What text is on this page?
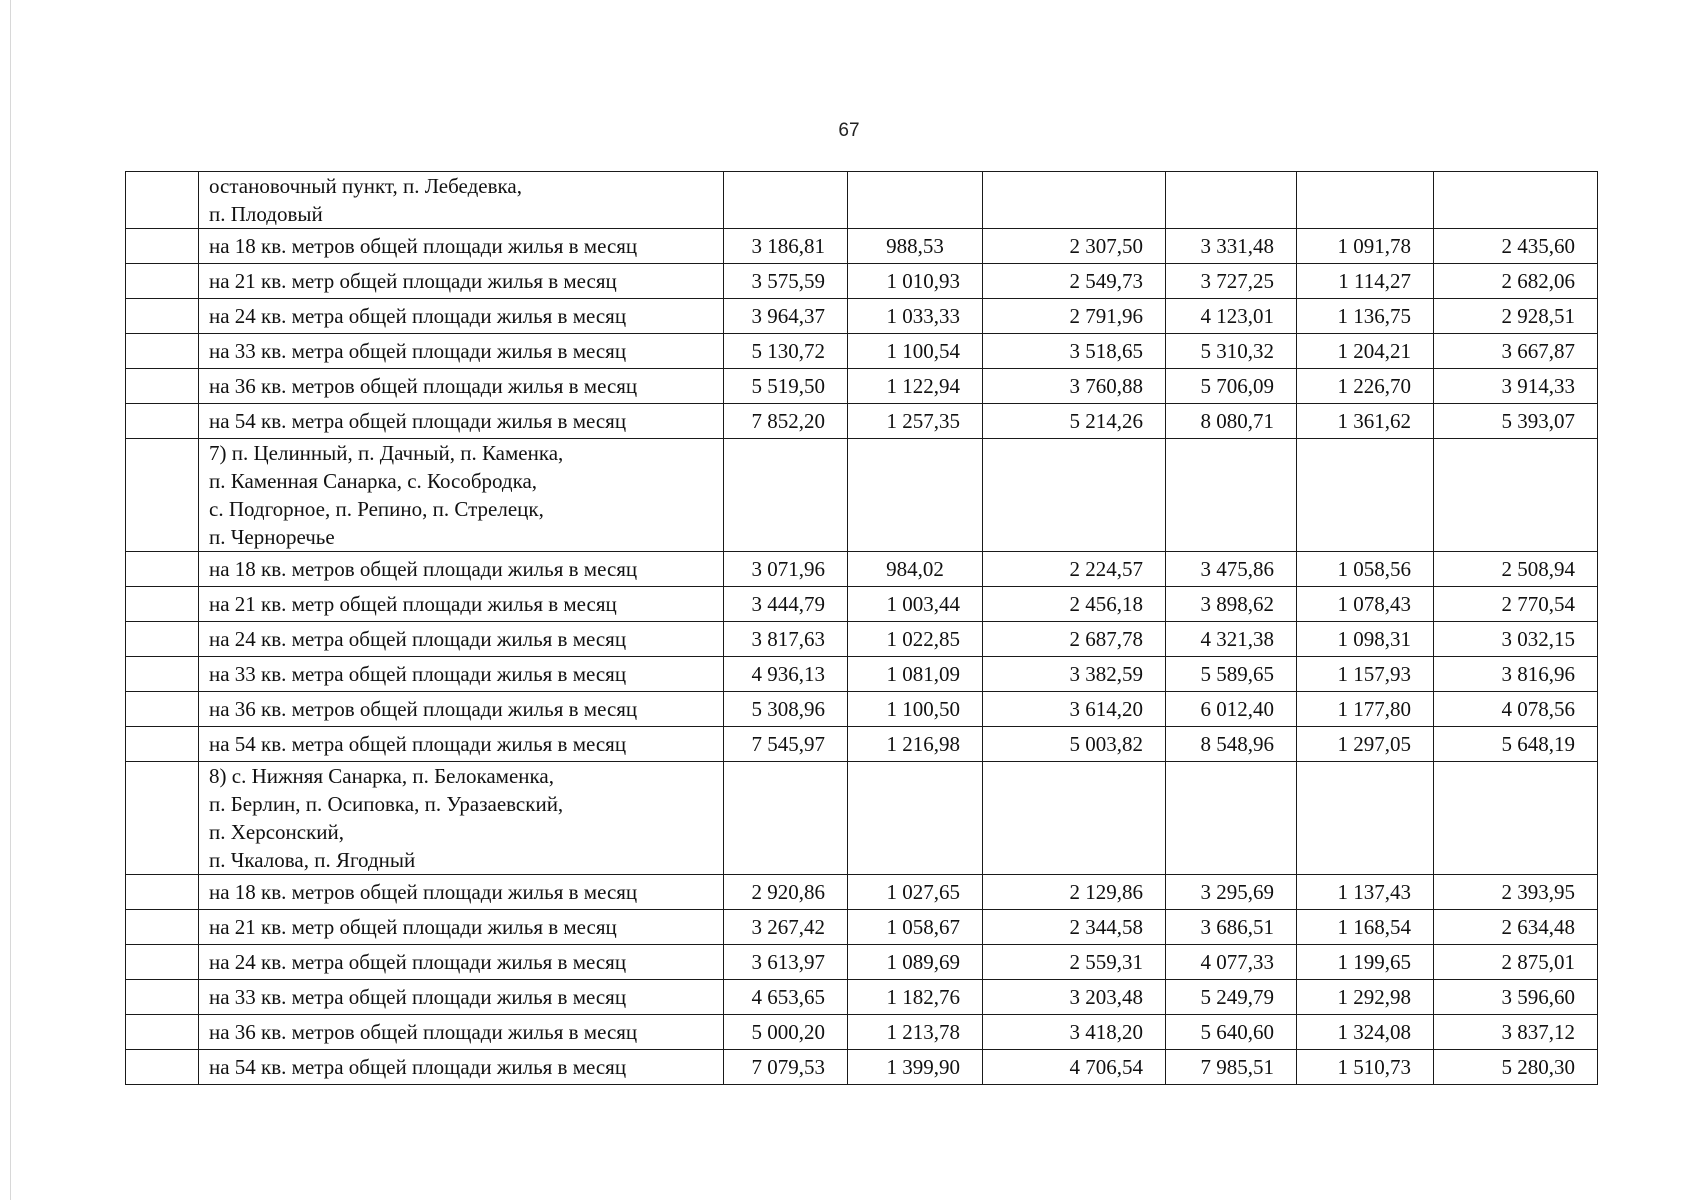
67

	остановочный пункт, п. Лебедевка,
п. Плодовый						

	на 18 кв. метров общей площади жилья в месяц	3 186,81	988,53	2 307,50	3 331,48	1 091,78	2 435,60
	на 21 кв. метр общей площади жилья в месяц	3 575,59	1 010,93	2 549,73	3 727,25	1 114,27	2 682,06
	на 24 кв. метра общей площади жилья в месяц	3 964,37	1 033,33	2 791,96	4 123,01	1 136,75	2 928,51
	на 33 кв. метра общей площади жилья в месяц	5 130,72	1 100,54	3 518,65	5 310,32	1 204,21	3 667,87
	на 36 кв. метров общей площади жилья в месяц	5 519,50	1 122,94	3 760,88	5 706,09	1 226,70	3 914,33
	на 54 кв. метра общей площади жилья в месяц	7 852,20	1 257,35	5 214,26	8 080,71	1 361,62	5 393,07

	7) п. Целинный, п. Дачный, п. Каменка,
п. Каменная Санарка, с. Кособродка,
с. Подгорное, п. Репино, п. Стрелецк,
п. Черноречье						

	на 18 кв. метров общей площади жилья в месяц	3 071,96	984,02	2 224,57	3 475,86	1 058,56	2 508,94
	на 21 кв. метр общей площади жилья в месяц	3 444,79	1 003,44	2 456,18	3 898,62	1 078,43	2 770,54
	на 24 кв. метра общей площади жилья в месяц	3 817,63	1 022,85	2 687,78	4 321,38	1 098,31	3 032,15
	на 33 кв. метра общей площади жилья в месяц	4 936,13	1 081,09	3 382,59	5 589,65	1 157,93	3 816,96
	на 36 кв. метров общей площади жилья в месяц	5 308,96	1 100,50	3 614,20	6 012,40	1 177,80	4 078,56
	на 54 кв. метра общей площади жилья в месяц	7 545,97	1 216,98	5 003,82	8 548,96	1 297,05	5 648,19

	8) с. Нижняя Санарка, п. Белокаменка,
п. Берлин, п. Осиповка, п. Уразаевский,
п. Херсонский,
п. Чкалова, п. Ягодный						

	на 18 кв. метров общей площади жилья в месяц	2 920,86	1 027,65	2 129,86	3 295,69	1 137,43	2 393,95
	на 21 кв. метр общей площади жилья в месяц	3 267,42	1 058,67	2 344,58	3 686,51	1 168,54	2 634,48
	на 24 кв. метра общей площади жилья в месяц	3 613,97	1 089,69	2 559,31	4 077,33	1 199,65	2 875,01
	на 33 кв. метра общей площади жилья в месяц	4 653,65	1 182,76	3 203,48	5 249,79	1 292,98	3 596,60
	на 36 кв. метров общей площади жилья в месяц	5 000,20	1 213,78	3 418,20	5 640,60	1 324,08	3 837,12
	на 54 кв. метра общей площади жилья в месяц	7 079,53	1 399,90	4 706,54	7 985,51	1 510,73	5 280,30
